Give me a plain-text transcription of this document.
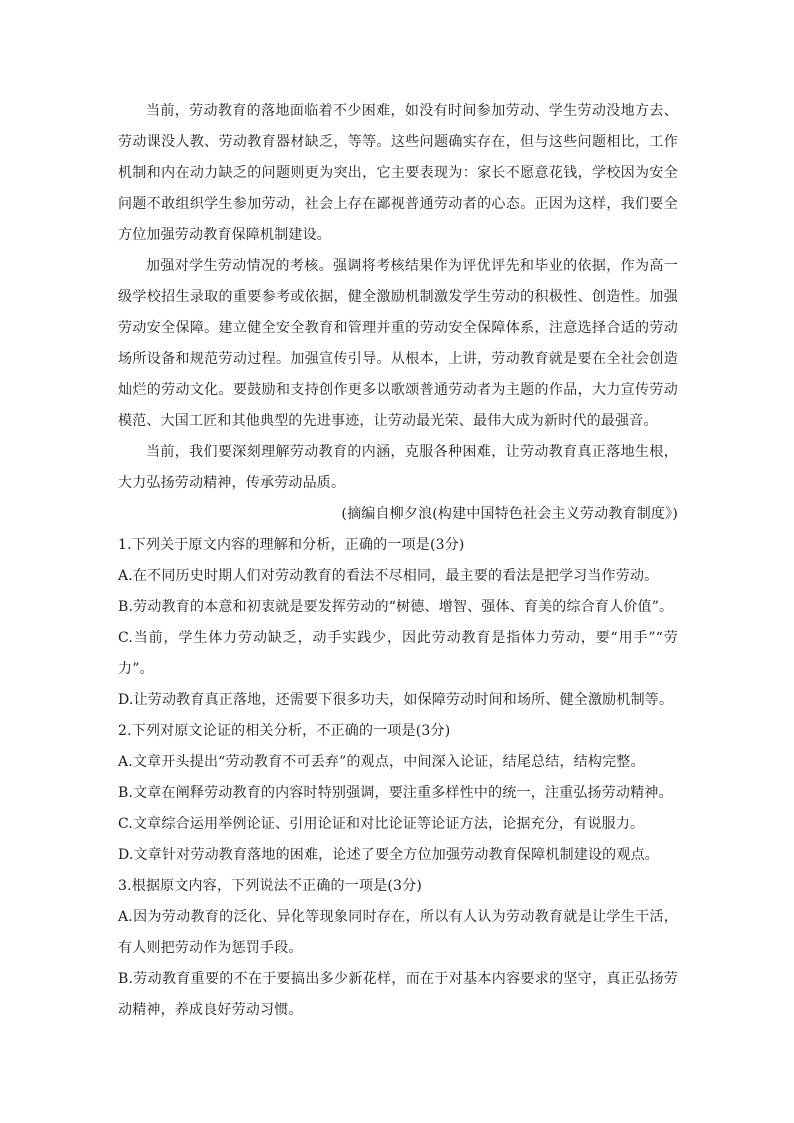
当前，劳动教育的落地面临着不少困难，如没有时间参加劳动、学生劳动没地方去、劳动课没人教、劳动教育器材缺乏，等等。这些问题确实存在，但与这些问题相比，工作机制和内在动力缺乏的问题则更为突出，它主要表现为：家长不愿意花钱，学校因为安全问题不敢组织学生参加劳动，社会上存在鄙视普通劳动者的心态。正因为这样，我们要全方位加强劳动教育保障机制建设。

加强对学生劳动情况的考核。强调将考核结果作为评优评先和毕业的依据，作为高一级学校招生录取的重要参考或依据，健全激励机制激发学生劳动的积极性、创造性。加强劳动安全保障。建立健全安全教育和管理并重的劳动安全保障体系，注意选择合适的劳动场所设备和规范劳动过程。加强宣传引导。从根本，上讲，劳动教育就是要在全社会创造灿烂的劳动文化。要鼓励和支持创作更多以歌颂普通劳动者为主题的作品，大力宣传劳动模范、大国工匠和其他典型的先进事迹，让劳动最光荣、最伟大成为新时代的最强音。

当前，我们要深刻理解劳动教育的内涵，克服各种困难，让劳动教育真正落地生根，大力弘扬劳动精神，传承劳动品质。

(摘编自柳夕浪(构建中国特色社会主义劳动教育制度》)

1.下列关于原文内容的理解和分析，正确的一项是(3分)

A.在不同历史时期人们对劳动教育的看法不尽相同，最主要的看法是把学习当作劳动。

B.劳动教育的本意和初衷就是要发挥劳动的“树德、增智、强体、育美的综合育人价值”。

C.当前，学生体力劳动缺乏，动手实践少，因此劳动教育是指体力劳动，要“用手”“劳力”。

D.让劳动教育真正落地，还需要下很多功夫，如保障劳动时间和场所、健全激励机制等。

2.下列对原文论证的相关分析，不正确的一项是(3分)

A.文章开头提出“劳动教育不可丢弃”的观点，中间深入论证，结尾总结，结构完整。

B.文章在阐释劳动教育的内容时特别强调，要注重多样性中的统一，注重弘扬劳动精神。

C.文章综合运用举例论证、引用论证和对比论证等论证方法，论据充分，有说服力。

D.文章针对劳动教育落地的困难，论述了要全方位加强劳动教育保障机制建设的观点。

3.根据原文内容，下列说法不正确的一项是(3分)

A.因为劳动教育的泛化、异化等现象同时存在，所以有人认为劳动教育就是让学生干活，有人则把劳动作为惩罚手段。

B.劳动教育重要的不在于要搞出多少新花样，而在于对基本内容要求的坚守，真正弘扬劳动精神，养成良好劳动习惯。
